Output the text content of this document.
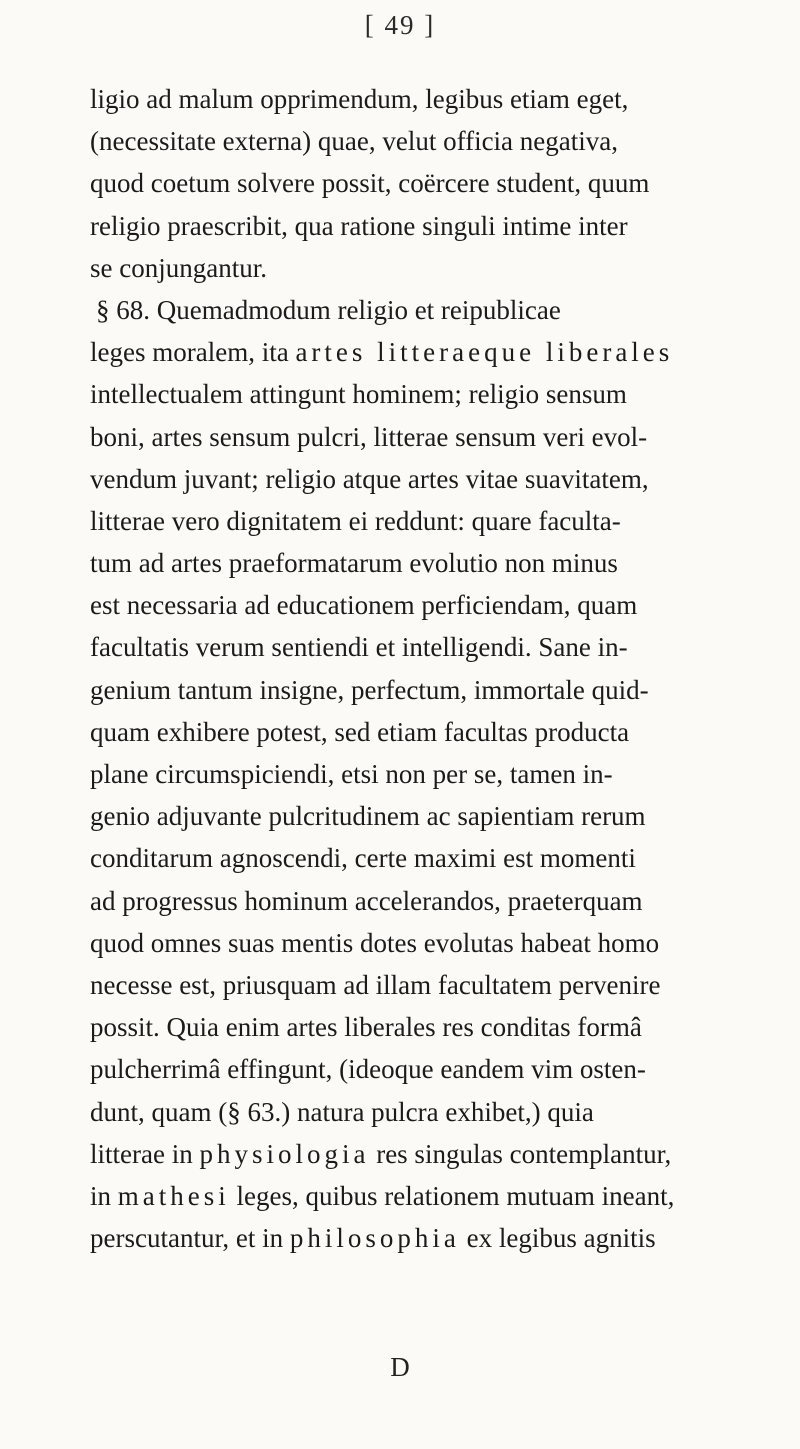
[ 49 ]
ligio ad malum opprimendum, legibus etiam eget,
(necessitate externa) quae, velut officia negativa,
quod coetum solvere possit, coërcere student, quum
religio praescribit, qua ratione singuli intime inter
se conjungantur.
§ 68. Quemadmodum religio et reipublicae
leges moralem, ita artes litteraeque liberales
intellectualem attingunt hominem; religio sensum
boni, artes sensum pulcri, litterae sensum veri evol-
vendum juvant; religio atque artes vitae suavitatem,
litterae vero dignitatem ei reddunt: quare faculta-
tum ad artes praeformatarum evolutio non minus
est necessaria ad educationem perficiendam, quam
facultatis verum sentiendi et intelligendi. Sane in-
genium tantum insigne, perfectum, immortale quid-
quam exhibere potest, sed etiam facultas producta
plane circumspiciendi, etsi non per se, tamen in-
genio adjuvante pulcritudinem ac sapientiam rerum
conditarum agnoscendi, certe maximi est momenti
ad progressus hominum accelerandos, praeterquam
quod omnes suas mentis dotes evolutas habeat homo
necesse est, priusquam ad illam facultatem pervenire
possit. Quia enim artes liberales res conditas formâ
pulcherrimâ effingunt, (ideoque eandem vim osten-
dunt, quam (§ 63.) natura pulcra exhibet,) quia
litterae in physiologia res singulas contemplantur,
in mathesi leges, quibus relationem mutuam ineant,
perscutantur, et in philosophia ex legibus agnitis
D
